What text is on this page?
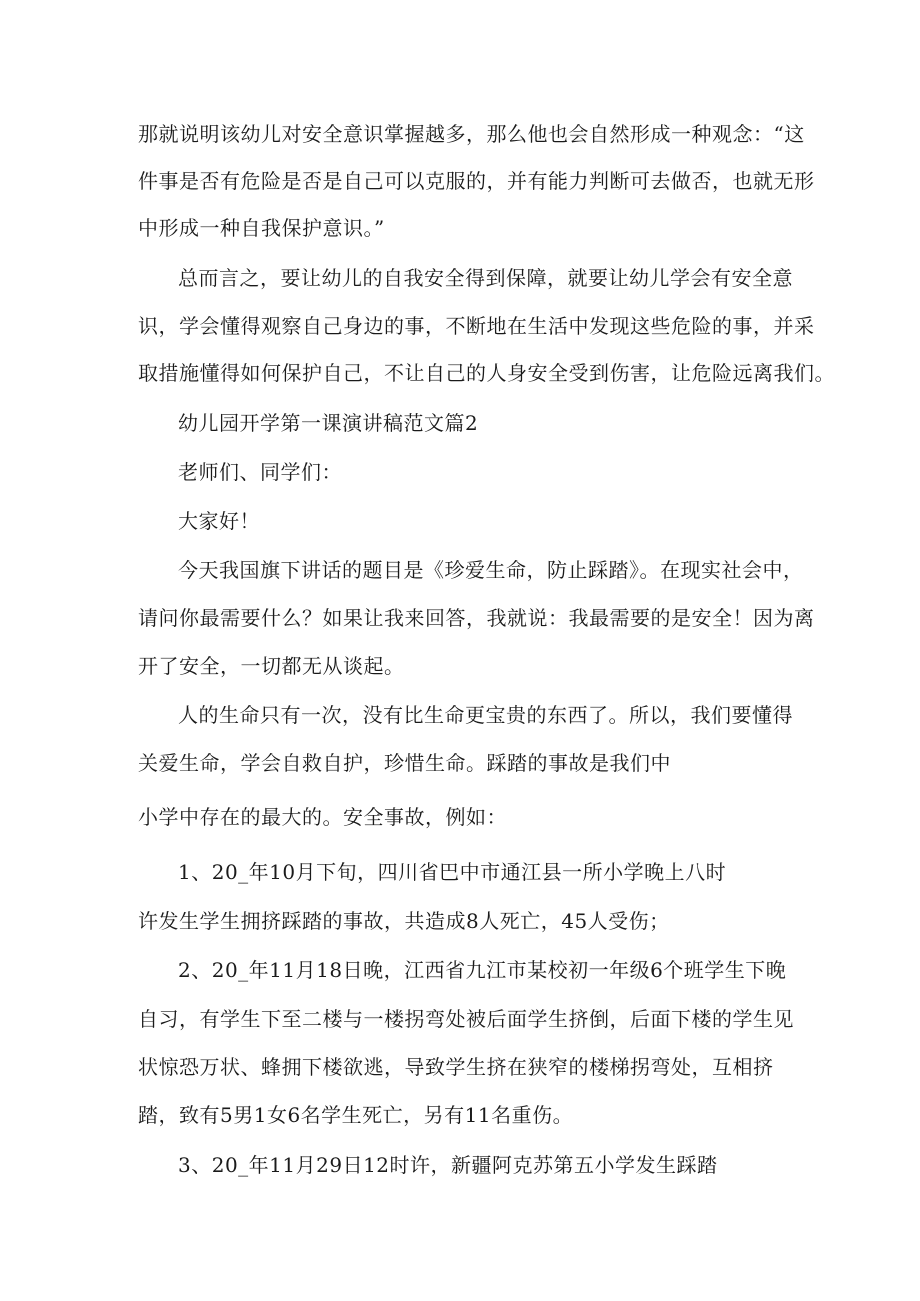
那就说明该幼儿对安全意识掌握越多，那么他也会自然形成一种观念：“这
件事是否有危险是否是自己可以克服的，并有能力判断可去做否，也就无形
中形成一种自我保护意识。”
总而言之，要让幼儿的自我安全得到保障，就要让幼儿学会有安全意
识，学会懂得观察自己身边的事，不断地在生活中发现这些危险的事，并采
取措施懂得如何保护自己，不让自己的人身安全受到伤害，让危险远离我们。
幼儿园开学第一课演讲稿范文篇2
老师们、同学们：
大家好！
今天我国旗下讲话的题目是《珍爱生命，防止踩踏》。在现实社会中，
请问你最需要什么？如果让我来回答，我就说：我最需要的是安全！因为离
开了安全，一切都无从谈起。
人的生命只有一次，没有比生命更宝贵的东西了。所以，我们要懂得
关爱生命，学会自救自护，珍惜生命。踩踏的事故是我们中
小学中存在的最大的。安全事故，例如：
1、20_年10月下旬，四川省巴中市通江县一所小学晚上八时
许发生学生拥挤踩踏的事故，共造成8人死亡，45人受伤；
2、20_年11月18日晚，江西省九江市某校初一年级6个班学生下晚
自习，有学生下至二楼与一楼拐弯处被后面学生挤倒，后面下楼的学生见
状惊恐万状、蜂拥下楼欲逃，导致学生挤在狭窄的楼梯拐弯处，互相挤
踏，致有5男1女6名学生死亡，另有11名重伤。
3、20_年11月29日12时许，新疆阿克苏第五小学发生踩踏
